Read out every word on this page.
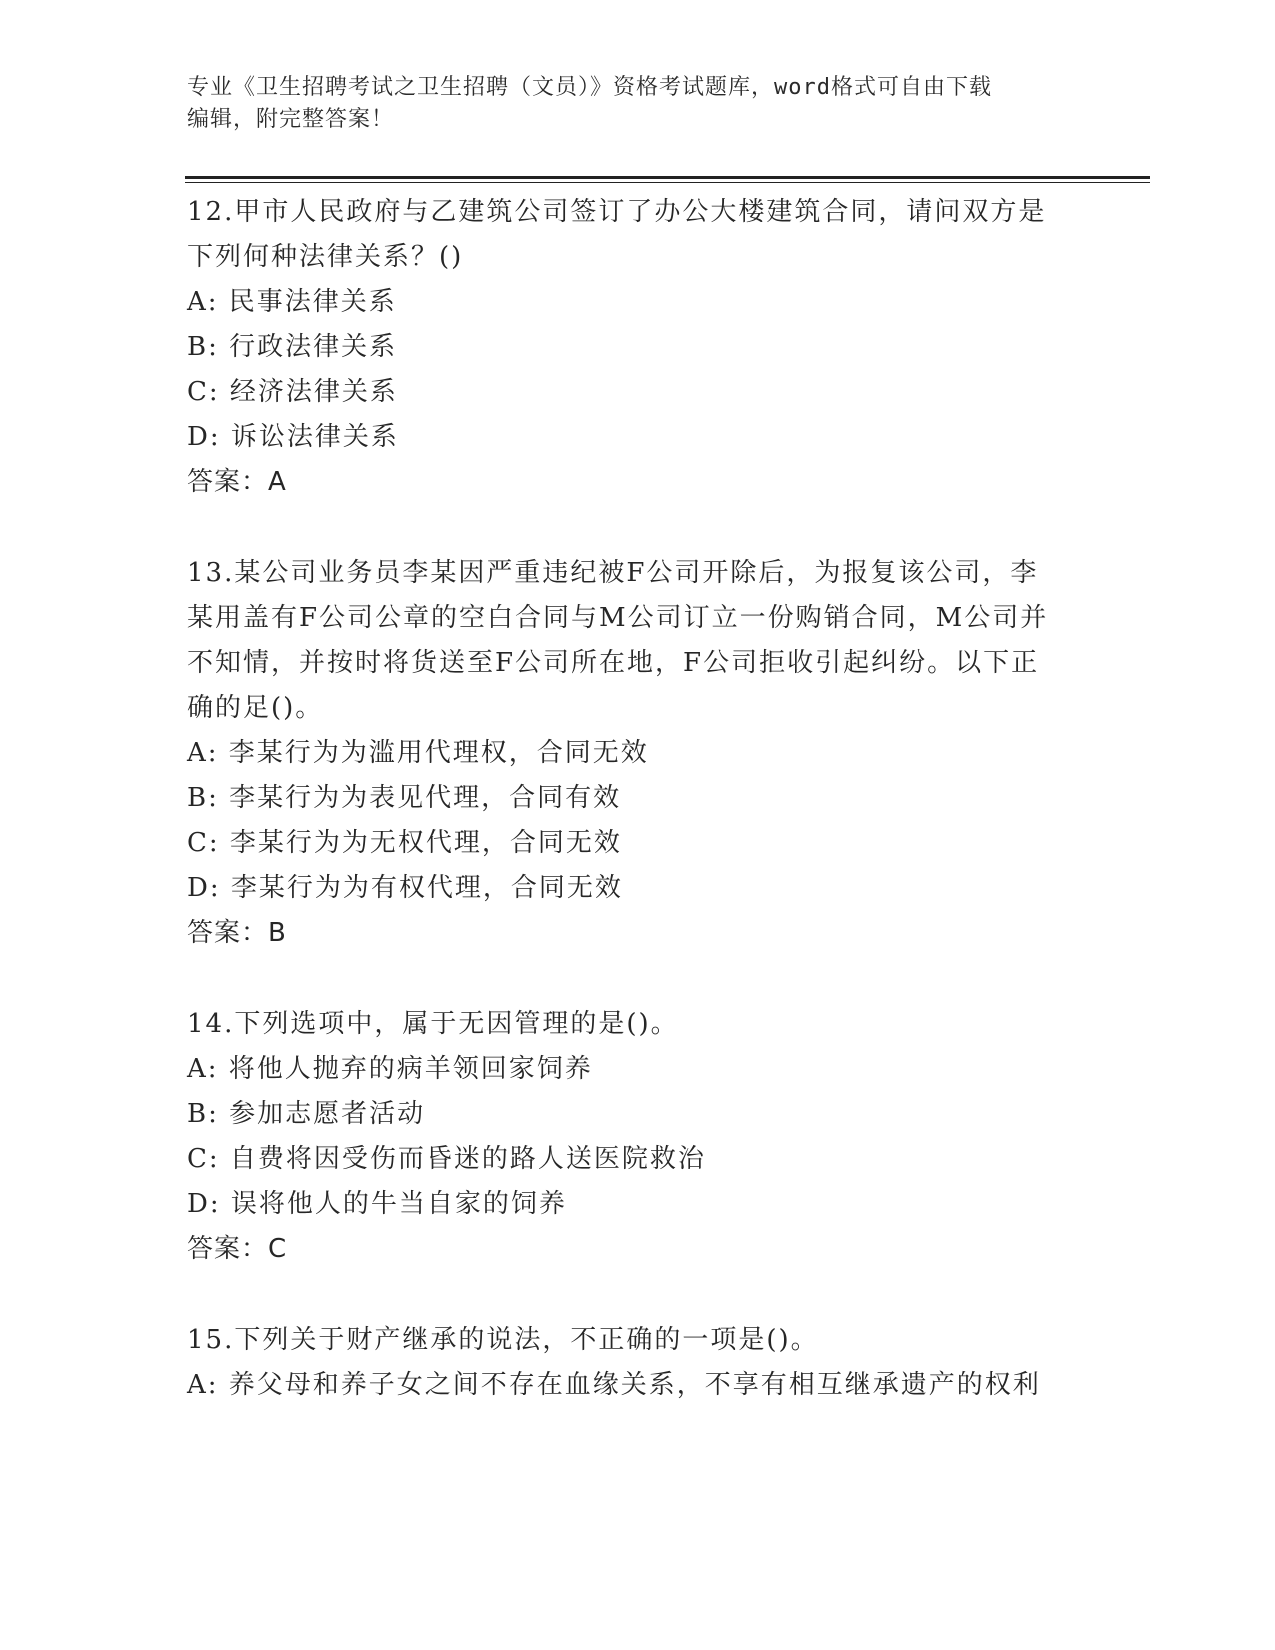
专业《卫生招聘考试之卫生招聘（文员）》资格考试题库，word格式可自由下载
编辑，附完整答案！

12.甲市人民政府与乙建筑公司签订了办公大楼建筑合同，请问双方是

下列何种法律关系？()

A: 民事法律关系

B: 行政法律关系

C: 经济法律关系

D: 诉讼法律关系

答案：A

13.某公司业务员李某因严重违纪被F公司开除后，为报复该公司，李

某用盖有F公司公章的空白合同与M公司订立一份购销合同，M公司并

不知情，并按时将货送至F公司所在地，F公司拒收引起纠纷。以下正

确的足()。

A: 李某行为为滥用代理权，合同无效

B: 李某行为为表见代理，合同有效

C: 李某行为为无权代理，合同无效

D: 李某行为为有权代理，合同无效

答案：B

14.下列选项中，属于无因管理的是()。

A: 将他人抛弃的病羊领回家饲养

B: 参加志愿者活动

C: 自费将因受伤而昏迷的路人送医院救治

D: 误将他人的牛当自家的饲养

答案：C

15.下列关于财产继承的说法，不正确的一项是()。

A: 养父母和养子女之间不存在血缘关系，不享有相互继承遗产的权利
